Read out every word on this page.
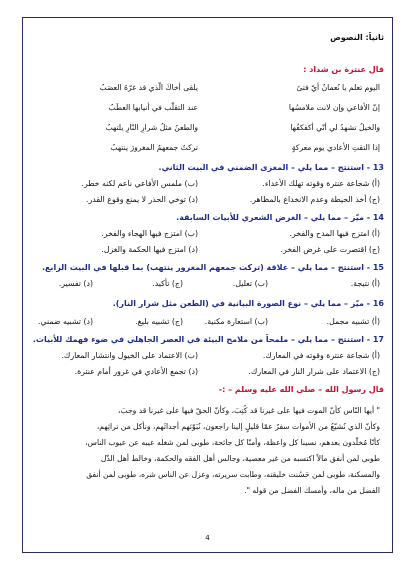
ثانياً: النصوص
قال عنترة بن شداد :
اليوم تعلم يا نُعمانُ أيّ فتىً
يلقى أخاكَ الّذي قد غرّهُ العصَبُ
إنّ الأفاعي وإن لانت ملامسُها
عند التقلّب في أنيابها العطَبُ
والخيلُ تشهدُ لي أنّي أكفكفُها
والطعنُ مثلُ شرارِ النّارِ يلتهبُ
إذا التقتِ الأعادي يوم معركةٍ
تركتُ جمعهمُ المغرورَ ينتهبُ
13 - استنتج – مما يلي – المغزى الضمني في البيت الثاني.
(أ) شجاعة عنترة وقوته تهلك الأعداء.
(ب) ملمس الأفاعي ناعم لكنه خطر.
(ج) أخذ الحيطة وعدم الانخداع بالمظاهر.
(د) توخي الحذر لا يمنع وقوع القدر.
14 - ميّز – مما يلي – الغرض الشعري للأبيات السابقة.
(أ) امتزج فيها المدح والفخر.
(ب) امتزج فيها الهجاء والفخر.
(ج) اقتصرت على غرض الفخر.
(د) امتزج فيها الحكمة والغزل.
15 - استنتج – مما يلي – علاقة (تركت جمعهم المغرور ينتهب) بما قبلها في البيت الرابع.
(أ) نتيجة.
(ب) تعليل.
(ج) تأكيد.
(د) تفسير.
16 - ميّز – مما يلي – نوع الصورة البيانية في (الطعن مثل شرار النار).
(أ) تشبيه مجمل.
(ب) استعارة مكنية.
(ج) تشبيه بليغ.
(د) تشبيه ضمني.
17 - استنتج – مما يلي – ملمحاً من ملامح البيئة في العصر الجاهلي في ضوء فهمك للأبيات.
(أ) شجاعة عنترة وقوته في المعارك.
(ب) الاعتماد على الخيول وانتشار المعارك.
(ج) الاعتماد على شرار النار في المعارك.
(د) تجمع الأعادي في غرور أمام عنترة.
قال رسول الله – صلى الله عليه وسلم – :-
" أيها النّاس كأنّ الموت فيها على غيرنا قد كُتِبَ، وكأنّ الحقّ فيها على غيرنا قد وجبَ،
وكأنّ الذي نُشيّعُ من الأموات سفرٌ عمّا قليلٍ إلينا راجعون، نُبَوّئهم أجداثَهم، ونأكل من تراثِهم،
كأنّا مُخلّدون بعدهم، نسينا كل واعظة، وأمنّا كل جائحة، طوبى لمن شغله عيبه عن عيوب الناس،
طوبى لمن أنفق مالاً اكتسبه من غير معصية، وجالس أهل الفقه والحكمة، وخالط أهل الذّل
والمسكنة، طوبى لمن حَسُنت خليقته، وطابت سريرته، وعزل عن الناس شره، طوبى لمن أنفق
الفضل من ماله، وأمسك الفضل من قوله ".
4
